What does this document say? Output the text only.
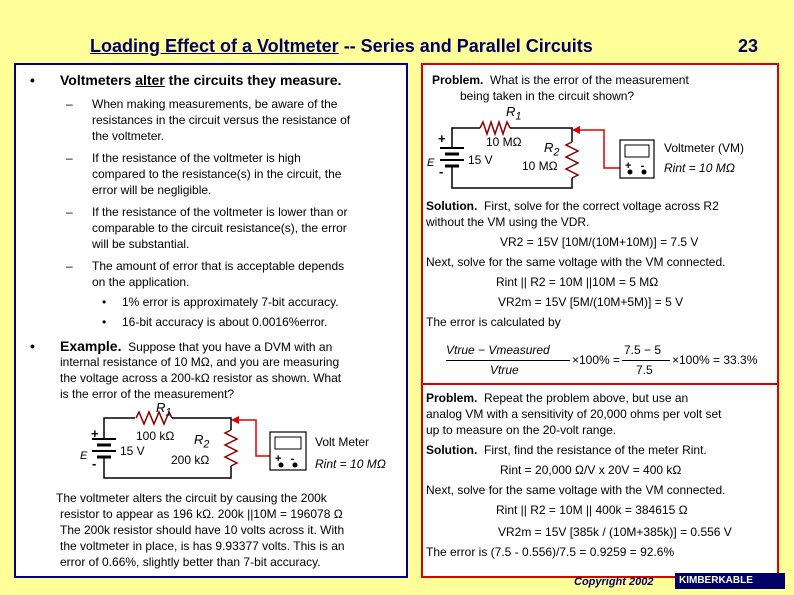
Loading Effect of a Voltmeter -- Series and Parallel Circuits	23
• Voltmeters alter the circuits they measure.
– When making measurements, be aware of the
resistances in the circuit versus the resistance of
the voltmeter.
– If the resistance of the voltmeter is high
compared to the resistance(s) in the circuit, the
error will be negligible.
– If the resistance of the voltmeter is lower than or
comparable to the circuit resistance(s), the error
will be substantial.
– The amount of error that is acceptable depends
on the application.
• 1% error is approximately 7-bit accuracy.
• 16-bit accuracy is about 0.0016%error.
• Example. Suppose that you have a DVM with an
internal resistance of 10 MΩ, and you are measuring
the voltage across a 200-kΩ resistor as shown. What
is the error of the measurement?
+
-
E	15 V
$R_1$
100 kΩ $R_2$
200 kΩ	+   -
Volt Meter
Rint = 10 MΩ
The voltmeter alters the circuit by causing the 200k
resistor to appear as 196 kΩ. 200k ||10M = 196078 Ω
The 200k resistor should have 10 volts across it. With
the voltmeter in place, is has 9.93377 volts. This is an
error of 0.66%, slightly better than 7-bit accuracy.
Problem. What is the error of the measurement
being taken in the circuit shown?
+
-
E	15 V
$R_1$
10 MΩ $R_2$
10 MΩ	+   -
Voltmeter (VM)
Rint = 10 MΩ
Solution. First, solve for the correct voltage across R2
without the VM using the VDR.
VR2 = 15V [10M/(10M+10M)] = 7.5 V
Next, solve for the same voltage with the VM connected.
Rint || R2 = 10M ||10M = 5 MΩ
VR2m = 15V [5M/(10M+5M)] = 5 V
The error is calculated by
Vtrue − Vmeasured
Vtrue
×100% =
7.5 − 5
7.5
×100% = 33.3%
Problem. Repeat the problem above, but use an
analog VM with a sensitivity of 20,000 ohms per volt set
up to measure on the 20-volt range.
Solution. First, find the resistance of the meter Rint.
Rint = 20,000 Ω/V x 20V = 400 kΩ
Next, solve for the same voltage with the VM connected.
Rint || R2 = 10M || 400k = 384615 Ω
VR2m = 15V [385k / (10M+385k)] = 0.556 V
The error is (7.5 - 0.556)/7.5 = 0.9259 = 92.6%
Copyright 2002	KIMBERKABLE
